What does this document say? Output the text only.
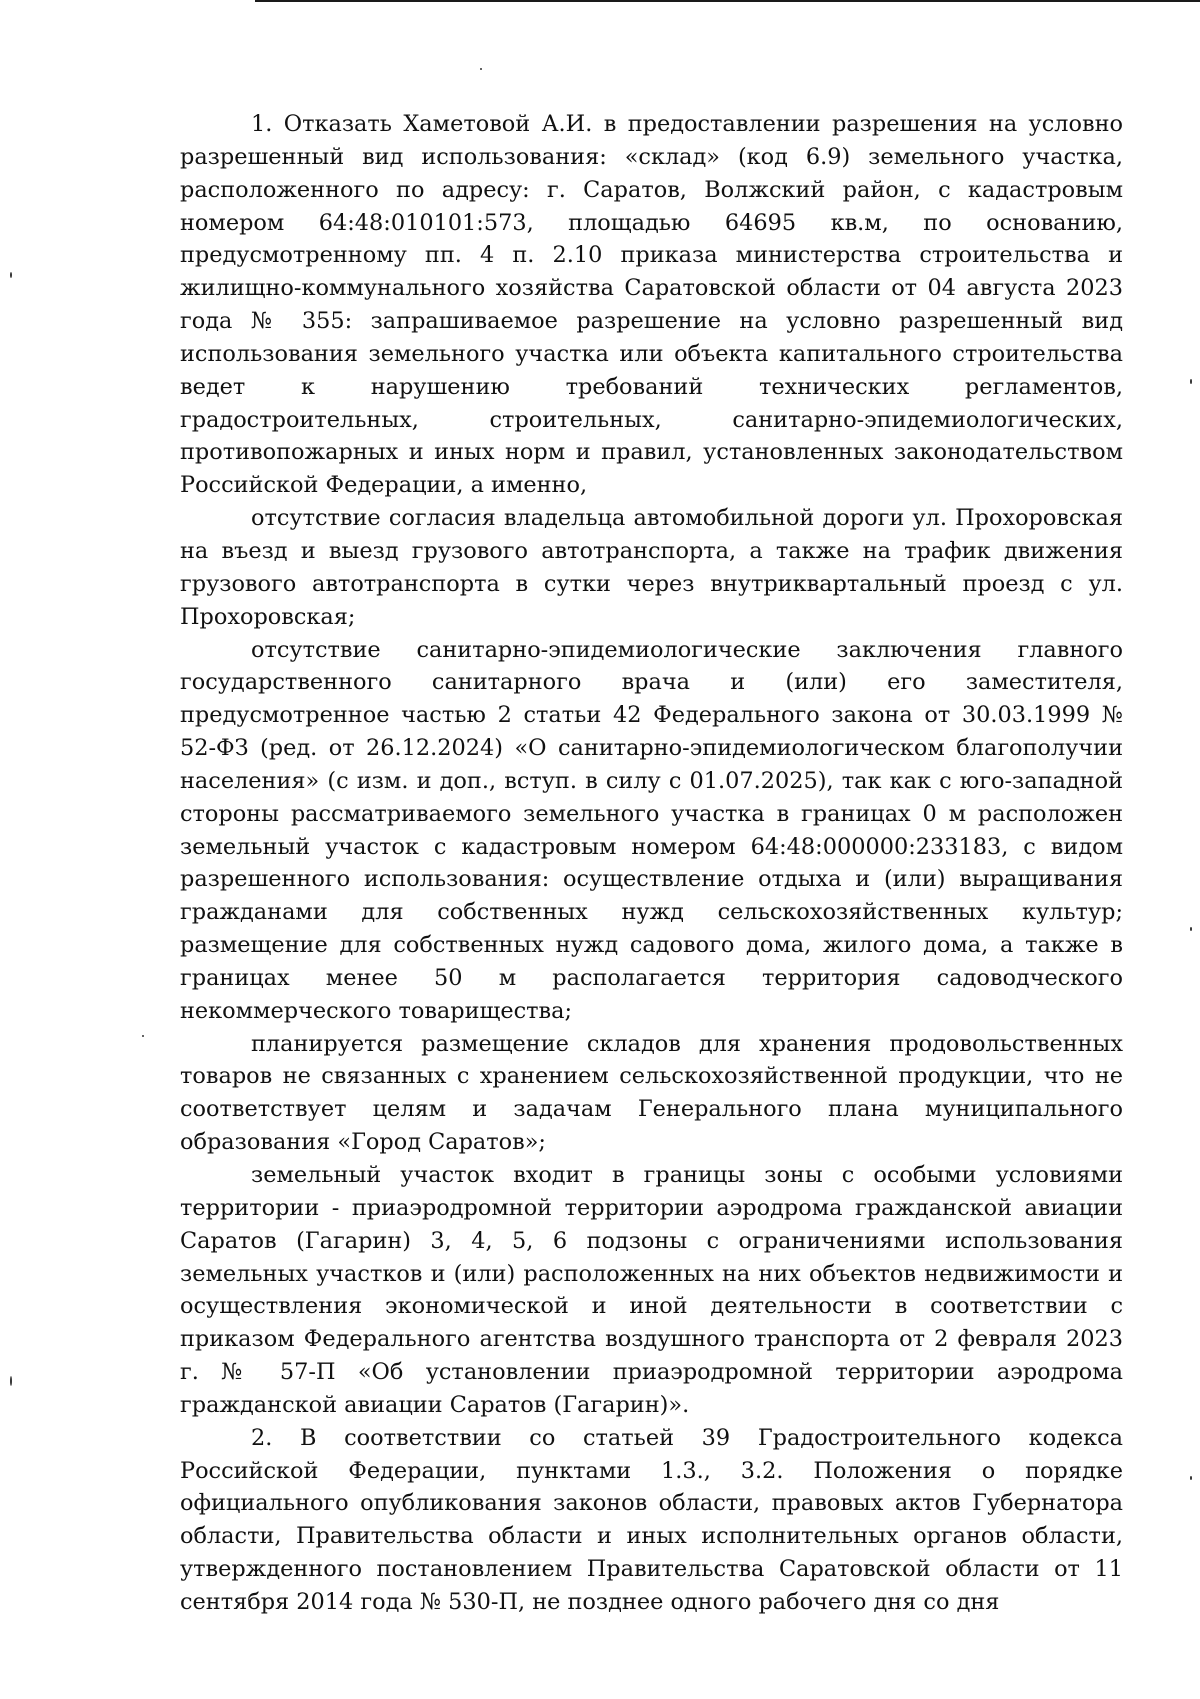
1. Отказать Хаметовой А.И. в предоставлении разрешения на условно разрешенный вид использования: «склад» (код 6.9) земельного участка, расположенного по адресу: г. Саратов, Волжский район, с кадастровым номером 64:48:010101:573, площадью 64695 кв.м, по основанию, предусмотренному пп. 4 п. 2.10 приказа министерства строительства и жилищно-коммунального хозяйства Саратовской области от 04 августа 2023 года № 355: запрашиваемое разрешение на условно разрешенный вид использования земельного участка или объекта капитального строительства ведет к нарушению требований технических регламентов, градостроительных, строительных, санитарно-эпидемиологических, противопожарных и иных норм и правил, установленных законодательством Российской Федерации, а именно,

отсутствие согласия владельца автомобильной дороги ул. Прохоровская на въезд и выезд грузового автотранспорта, а также на трафик движения грузового автотранспорта в сутки через внутриквартальный проезд с ул. Прохоровская;

отсутствие санитарно-эпидемиологические заключения главного государственного санитарного врача и (или) его заместителя, предусмотренное частью 2 статьи 42 Федерального закона от 30.03.1999 № 52-ФЗ (ред. от 26.12.2024) «О санитарно-эпидемиологическом благополучии населения» (с изм. и доп., вступ. в силу с 01.07.2025), так как с юго-западной стороны рассматриваемого земельного участка в границах 0 м расположен земельный участок с кадастровым номером 64:48:000000:233183, с видом разрешенного использования: осуществление отдыха и (или) выращивания гражданами для собственных нужд сельскохозяйственных культур; размещение для собственных нужд садового дома, жилого дома, а также в границах менее 50 м располагается территория садоводческого некоммерческого товарищества;

планируется размещение складов для хранения продовольственных товаров не связанных с хранением сельскохозяйственной продукции, что не соответствует целям и задачам Генерального плана муниципального образования «Город Саратов»;

земельный участок входит в границы зоны с особыми условиями территории - приаэродромной территории аэродрома гражданской авиации Саратов (Гагарин) 3, 4, 5, 6 подзоны с ограничениями использования земельных участков и (или) расположенных на них объектов недвижимости и осуществления экономической и иной деятельности в соответствии с приказом Федерального агентства воздушного транспорта от 2 февраля 2023 г. № 57-П «Об установлении приаэродромной территории аэродрома гражданской авиации Саратов (Гагарин)».

2. В соответствии со статьей 39 Градостроительного кодекса Российской Федерации, пунктами 1.3., 3.2. Положения о порядке официального опубликования законов области, правовых актов Губернатора области, Правительства области и иных исполнительных органов области, утвержденного постановлением Правительства Саратовской области от 11 сентября 2014 года № 530-П, не позднее одного рабочего дня со дня
